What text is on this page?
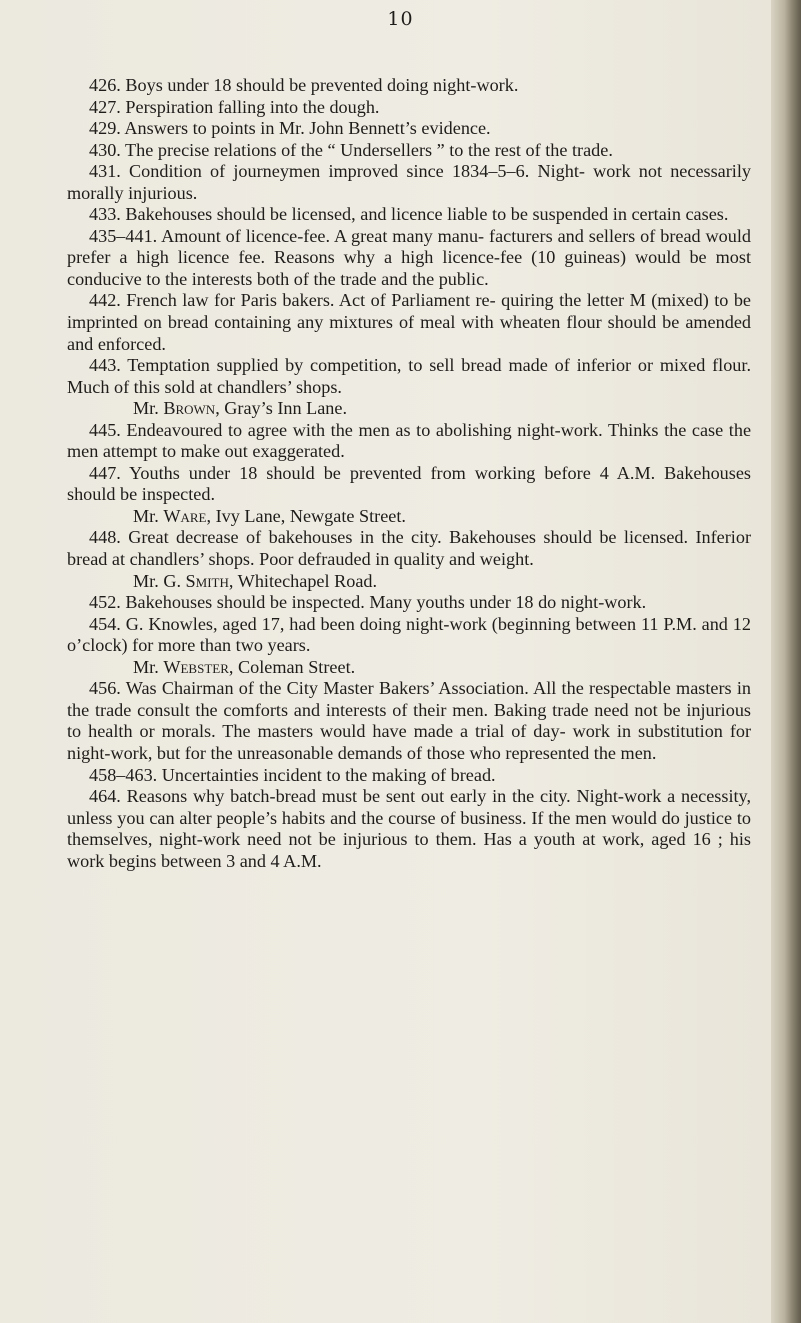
10

426. Boys under 18 should be prevented doing night-work.

427. Perspiration falling into the dough.

429. Answers to points in Mr. John Bennett’s evidence.

430. The precise relations of the “ Undersellers ” to the rest of the trade.

431. Condition of journeymen improved since 1834–5–6. Night- work not necessarily morally injurious.

433. Bakehouses should be licensed, and licence liable to be suspended in certain cases.

435–441. Amount of licence-fee. A great many manu- facturers and sellers of bread would prefer a high licence fee. Reasons why a high licence-fee (10 guineas) would be most conducive to the interests both of the trade and the public.

442. French law for Paris bakers. Act of Parliament re- quiring the letter M (mixed) to be imprinted on bread containing any mixtures of meal with wheaten flour should be amended and enforced.

443. Temptation supplied by competition, to sell bread made of inferior or mixed flour. Much of this sold at chandlers’ shops.

Mr. Brown, Gray’s Inn Lane.

445. Endeavoured to agree with the men as to abolishing night-work. Thinks the case the men attempt to make out exaggerated.

447. Youths under 18 should be prevented from working before 4 A.M. Bakehouses should be inspected.

Mr. Ware, Ivy Lane, Newgate Street.

448. Great decrease of bakehouses in the city. Bakehouses should be licensed. Inferior bread at chandlers’ shops. Poor defrauded in quality and weight.

Mr. G. Smith, Whitechapel Road.

452. Bakehouses should be inspected. Many youths under 18 do night-work.

454. G. Knowles, aged 17, had been doing night-work (beginning between 11 P.M. and 12 o’clock) for more than two years.

Mr. Webster, Coleman Street.

456. Was Chairman of the City Master Bakers’ Association. All the respectable masters in the trade consult the comforts and interests of their men. Baking trade need not be injurious to health or morals. The masters would have made a trial of day- work in substitution for night-work, but for the unreasonable demands of those who represented the men.

458–463. Uncertainties incident to the making of bread.

464. Reasons why batch-bread must be sent out early in the city. Night-work a necessity, unless you can alter people’s habits and the course of business. If the men would do justice to themselves, night-work need not be injurious to them. Has a youth at work, aged 16 ; his work begins between 3 and 4 A.M.
